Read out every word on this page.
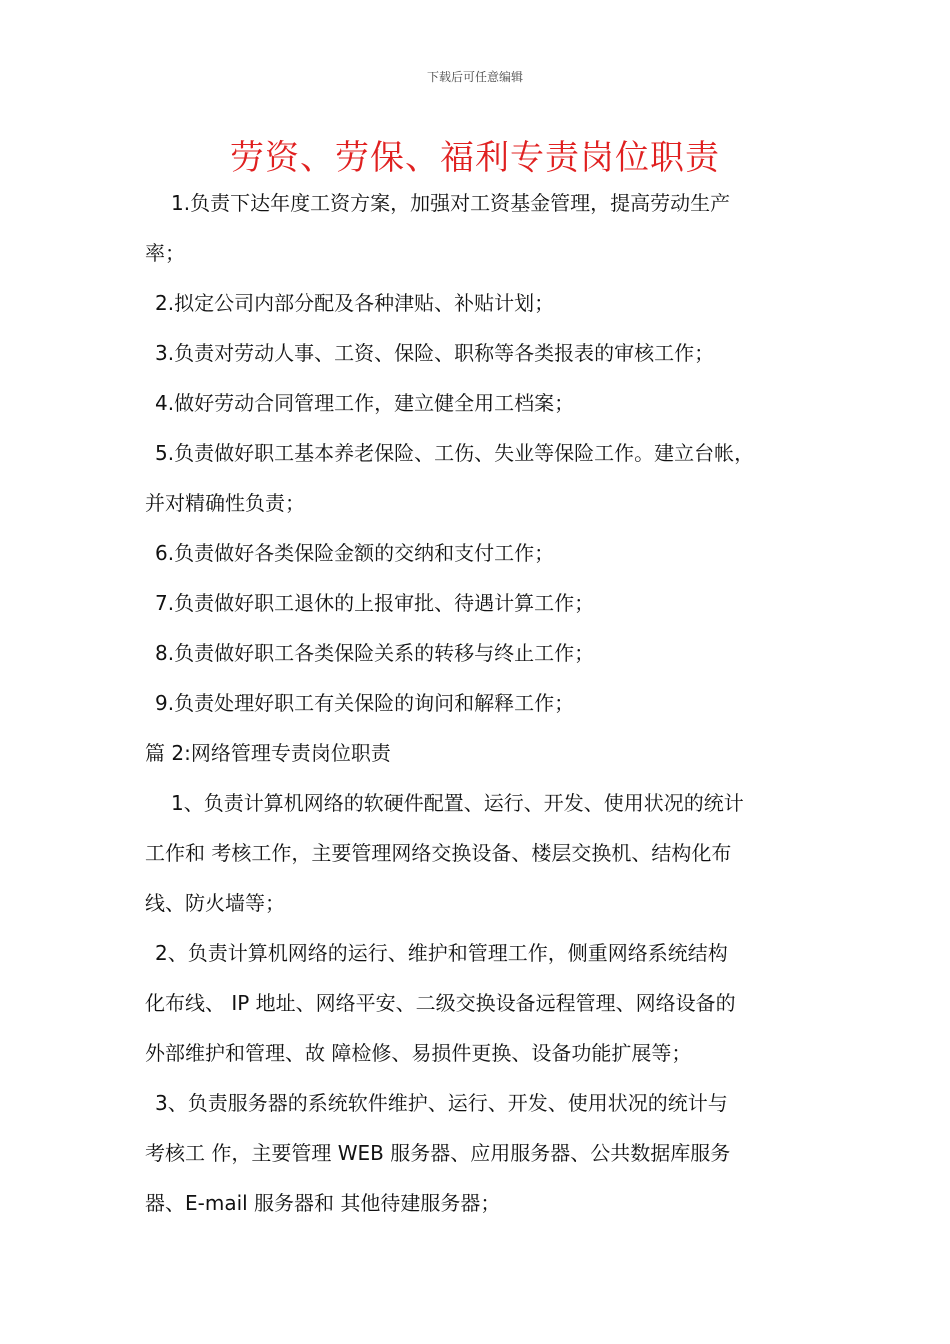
下载后可任意编辑
劳资、劳保、福利专责岗位职责
1.负责下达年度工资方案，加强对工资基金管理，提高劳动生产
率；
2.拟定公司内部分配及各种津贴、补贴计划；
3.负责对劳动人事、工资、保险、职称等各类报表的审核工作；
4.做好劳动合同管理工作，建立健全用工档案；
5.负责做好职工基本养老保险、工伤、失业等保险工作。建立台帐，
并对精确性负责；
6.负责做好各类保险金额的交纳和支付工作；
7.负责做好职工退休的上报审批、待遇计算工作；
8.负责做好职工各类保险关系的转移与终止工作；
9.负责处理好职工有关保险的询问和解释工作；
篇 2:网络管理专责岗位职责
1、负责计算机网络的软硬件配置、运行、开发、使用状况的统计
工作和 考核工作，主要管理网络交换设备、楼层交换机、结构化布
线、防火墙等；
2、负责计算机网络的运行、维护和管理工作，侧重网络系统结构
化布线、 IP 地址、网络平安、二级交换设备远程管理、网络设备的
外部维护和管理、故 障检修、易损件更换、设备功能扩展等；
3、负责服务器的系统软件维护、运行、开发、使用状况的统计与
考核工 作，主要管理 WEB 服务器、应用服务器、公共数据库服务
器、E-mail 服务器和 其他待建服务器；
